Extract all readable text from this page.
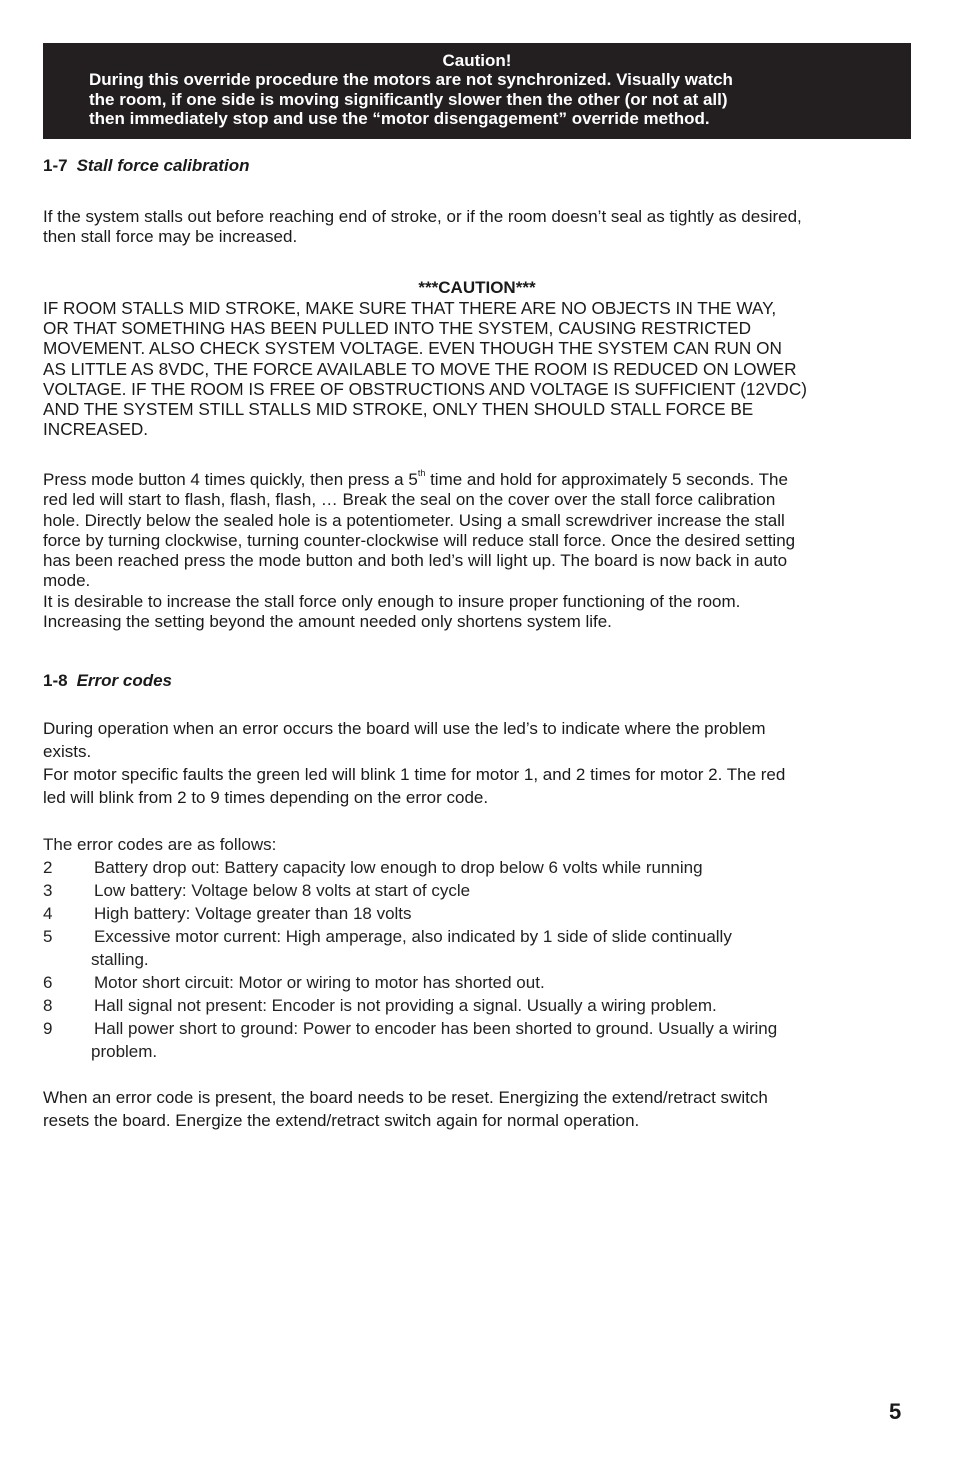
Caution!
During this override procedure the motors are not synchronized. Visually watch
the room, if one side is moving significantly slower then the other (or not at all)
then immediately stop and use the “motor disengagement” override method.
1-7 Stall force calibration
If the system stalls out before reaching end of stroke, or if the room doesn’t seal as tightly as desired,
then stall force may be increased.
***CAUTION***
IF ROOM STALLS MID STROKE, MAKE SURE THAT THERE ARE NO OBJECTS IN THE WAY,
OR THAT SOMETHING HAS BEEN PULLED INTO THE SYSTEM, CAUSING RESTRICTED
MOVEMENT. ALSO CHECK SYSTEM VOLTAGE. EVEN THOUGH THE SYSTEM CAN RUN ON
AS LITTLE AS 8VDC, THE FORCE AVAILABLE TO MOVE THE ROOM IS REDUCED ON LOWER
VOLTAGE. IF THE ROOM IS FREE OF OBSTRUCTIONS AND VOLTAGE IS SUFFICIENT (12VDC)
AND THE SYSTEM STILL STALLS MID STROKE, ONLY THEN SHOULD STALL FORCE BE
INCREASED.
Press mode button 4 times quickly, then press a 5th time and hold for approximately 5 seconds. The
red led will start to flash, flash, flash, … Break the seal on the cover over the stall force calibration
hole. Directly below the sealed hole is a potentiometer. Using a small screwdriver increase the stall
force by turning clockwise, turning counter-clockwise will reduce stall force. Once the desired setting
has been reached press the mode button and both led’s will light up. The board is now back in auto
mode.
It is desirable to increase the stall force only enough to insure proper functioning of the room.
Increasing the setting beyond the amount needed only shortens system life.
1-8 Error codes
During operation when an error occurs the board will use the led’s to indicate where the problem
exists.
For motor specific faults the green led will blink 1 time for motor 1, and 2 times for motor 2. The red
led will blink from 2 to 9 times depending on the error code.
The error codes are as follows:
2 Battery drop out: Battery capacity low enough to drop below 6 volts while running
3 Low battery: Voltage below 8 volts at start of cycle
4 High battery: Voltage greater than 18 volts
5 Excessive motor current: High amperage, also indicated by 1 side of slide continually
stalling.
6 Motor short circuit: Motor or wiring to motor has shorted out.
8 Hall signal not present: Encoder is not providing a signal. Usually a wiring problem.
9 Hall power short to ground: Power to encoder has been shorted to ground. Usually a wiring
problem.
When an error code is present, the board needs to be reset. Energizing the extend/retract switch
resets the board. Energize the extend/retract switch again for normal operation.
5
